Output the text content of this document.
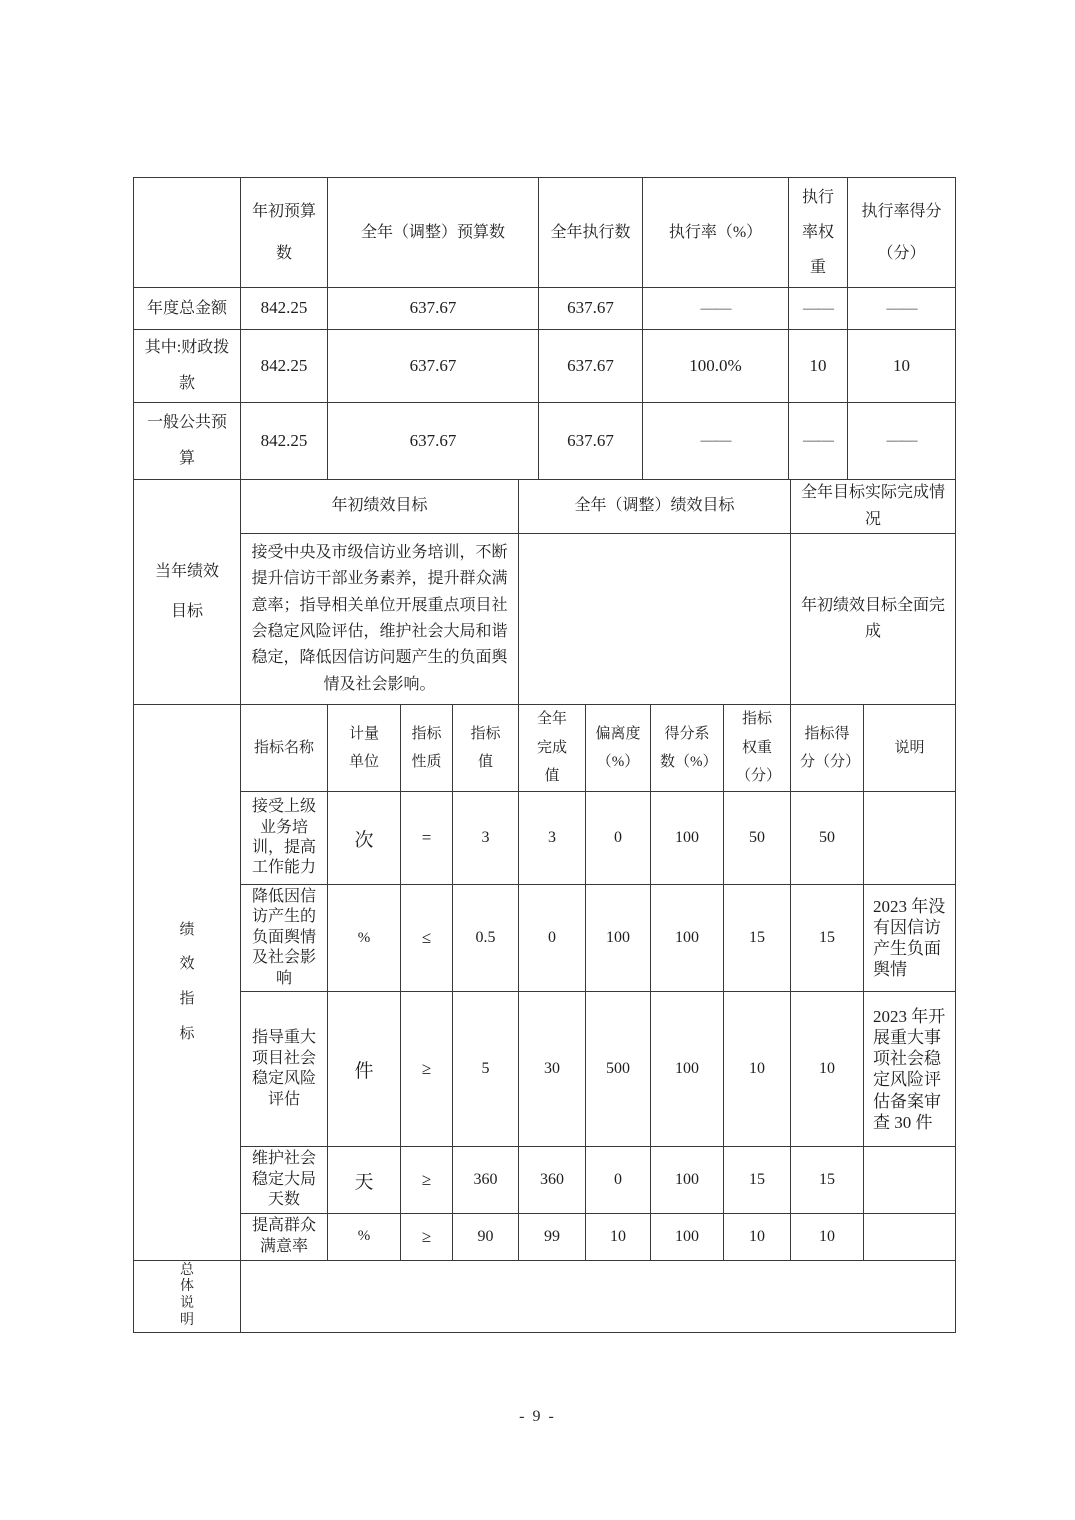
	年初预算数	全年（调整）预算数	全年执行数	执行率（%）	执行率权重	执行率得分（分）
年度总金额	842.25	637.67	637.67	——	——	——
其中:财政拨款	842.25	637.67	637.67	100.0%	10	10
一般公共预算	842.25	637.67	637.67	——	——	——
当年绩效目标	年初绩效目标	全年（调整）绩效目标	全年目标实际完成情况
	接受中央及市级信访业务培训，不断提升信访干部业务素养，提升群众满意率；指导相关单位开展重点项目社会稳定风险评估，维护社会大局和谐稳定，降低因信访问题产生的负面舆情及社会影响。		年初绩效目标全面完成
绩效指标	指标名称	计量单位	指标性质	指标值	全年完成值	偏离度（%）	得分系数（%）	指标权重（分）	指标得分（分）	说明
	接受上级业务培训，提高工作能力	次	=	3	3	0	100	50	50	
	降低因信访产生的负面舆情及社会影响	%	≤	0.5	0	100	100	15	15	2023 年没有因信访产生负面舆情
	指导重大项目社会稳定风险评估	件	≥	5	30	500	100	10	10	2023 年开展重大事项社会稳定风险评估备案审查 30 件
	维护社会稳定大局天数	天	≥	360	360	0	100	15	15	
	提高群众满意率	%	≥	90	99	10	100	10	10	
总体说明	
- 9 -
